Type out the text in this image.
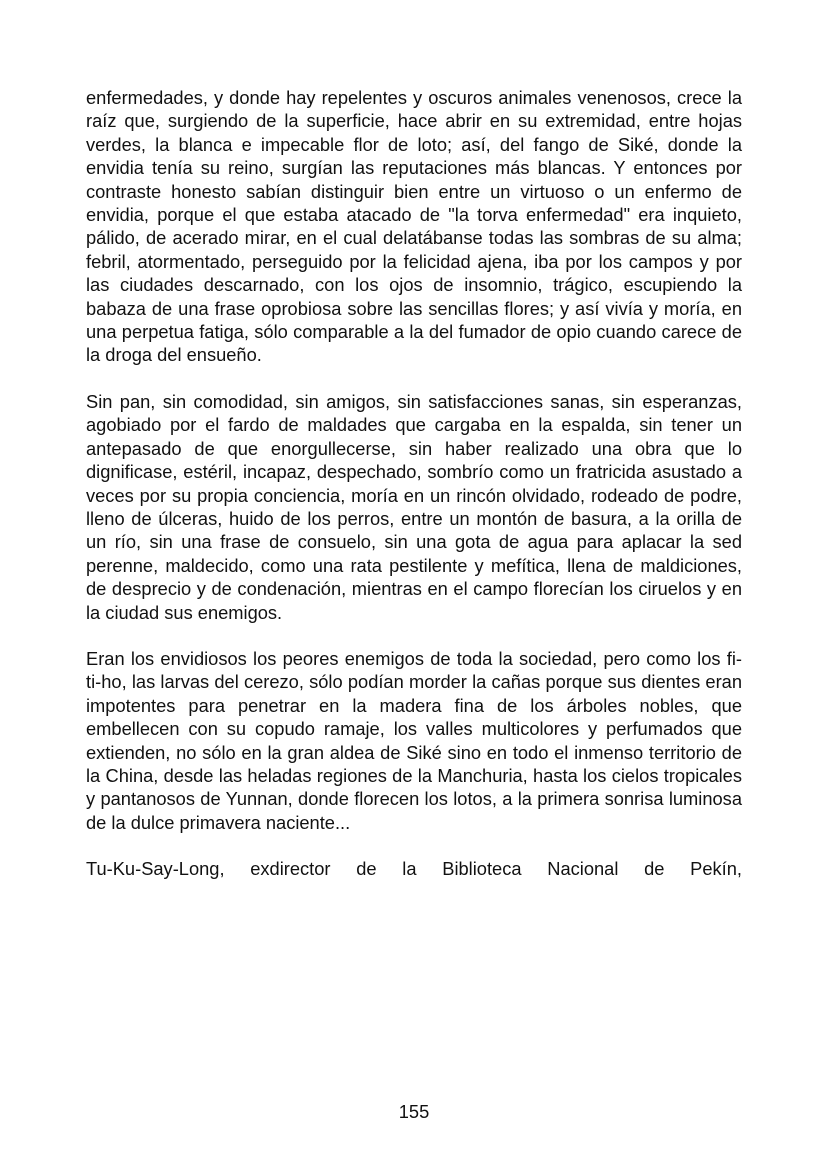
enfermedades, y donde hay repelentes y oscuros animales venenosos, crece la raíz que, surgiendo de la superficie, hace abrir en su extremidad, entre hojas verdes, la blanca e impecable flor de loto; así, del fango de Siké, donde la envidia tenía su reino, surgían las reputaciones más blancas. Y entonces por contraste honesto sabían distinguir bien entre un virtuoso o un enfermo de envidia, porque el que estaba atacado de "la torva enfermedad" era inquieto, pálido, de acerado mirar, en el cual delatábanse todas las sombras de su alma; febril, atormentado, perseguido por la felicidad ajena, iba por los campos y por las ciudades descarnado, con los ojos de insomnio, trágico, escupiendo la babaza de una frase oprobiosa sobre las sencillas flores; y así vivía y moría, en una perpetua fatiga, sólo comparable a la del fumador de opio cuando carece de la droga del ensueño.

Sin pan, sin comodidad, sin amigos, sin satisfacciones sanas, sin esperanzas, agobiado por el fardo de maldades que cargaba en la espalda, sin tener un antepasado de que enorgullecerse, sin haber realizado una obra que lo dignificase, estéril, incapaz, despechado, sombrío como un fratricida asustado a veces por su propia conciencia, moría en un rincón olvidado, rodeado de podre, lleno de úlceras, huido de los perros, entre un montón de basura, a la orilla de un río, sin una frase de consuelo, sin una gota de agua para aplacar la sed perenne, maldecido, como una rata pestilente y mefítica, llena de maldiciones, de desprecio y de condenación, mientras en el campo florecían los ciruelos y en la ciudad sus enemigos.

Eran los envidiosos los peores enemigos de toda la sociedad, pero como los fi-ti-ho, las larvas del cerezo, sólo podían morder la cañas porque sus dientes eran impotentes para penetrar en la madera fina de los árboles nobles, que embellecen con su copudo ramaje, los valles multicolores y perfumados que extienden, no sólo en la gran aldea de Siké sino en todo el inmenso territorio de la China, desde las heladas regiones de la Manchuria, hasta los cielos tropicales y pantanosos de Yunnan, donde florecen los lotos, a la primera sonrisa luminosa de la dulce primavera naciente...

Tu-Ku-Say-Long, exdirector de la Biblioteca Nacional de Pekín,

155
